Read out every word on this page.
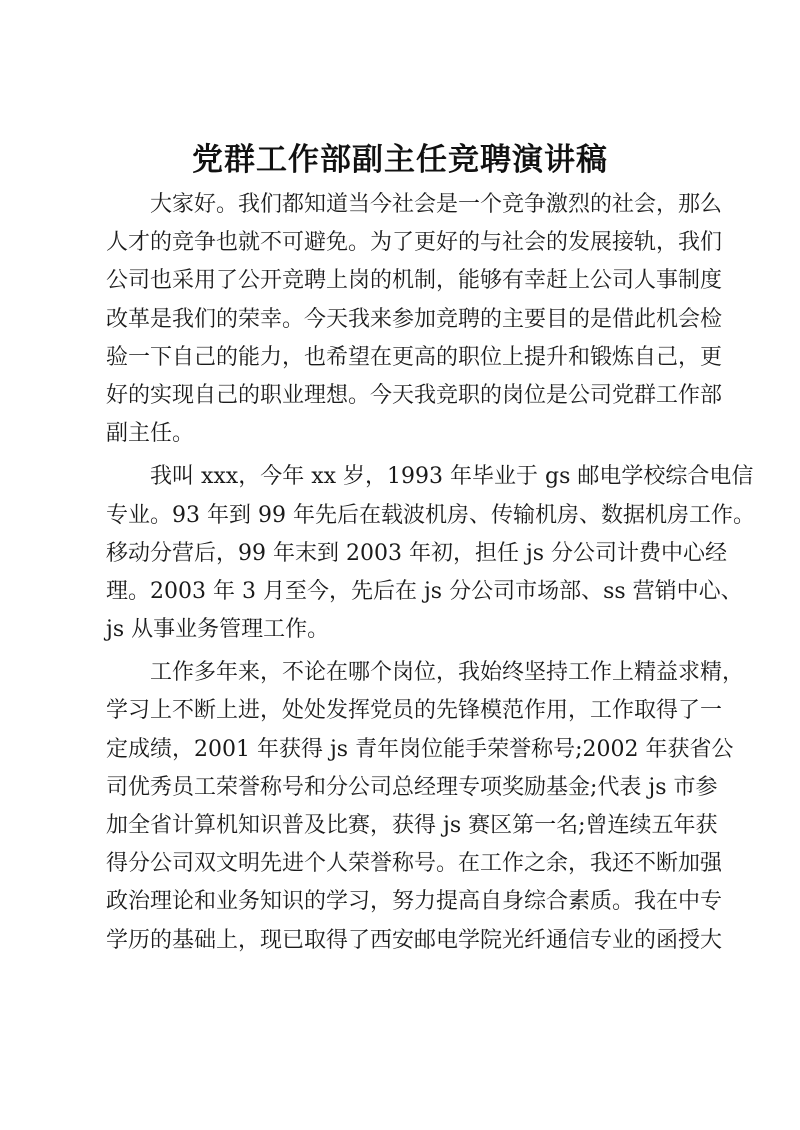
党群工作部副主任竞聘演讲稿
大家好。我们都知道当今社会是一个竞争激烈的社会，那么
人才的竞争也就不可避免。为了更好的与社会的发展接轨，我们
公司也采用了公开竞聘上岗的机制，能够有幸赶上公司人事制度
改革是我们的荣幸。今天我来参加竞聘的主要目的是借此机会检
验一下自己的能力，也希望在更高的职位上提升和锻炼自己，更
好的实现自己的职业理想。今天我竞职的岗位是公司党群工作部
副主任。
我叫 xxx，今年 xx 岁，1993 年毕业于 gs 邮电学校综合电信
专业。93 年到 99 年先后在载波机房、传输机房、数据机房工作。
移动分营后，99 年末到 2003 年初，担任 js 分公司计费中心经
理。2003 年 3 月至今，先后在 js 分公司市场部、ss 营销中心、
js 从事业务管理工作。
工作多年来，不论在哪个岗位，我始终坚持工作上精益求精，
学习上不断上进，处处发挥党员的先锋模范作用，工作取得了一
定成绩，2001 年获得 js 青年岗位能手荣誉称号;2002 年获省公
司优秀员工荣誉称号和分公司总经理专项奖励基金;代表 js 市参
加全省计算机知识普及比赛，获得 js 赛区第一名;曾连续五年获
得分公司双文明先进个人荣誉称号。在工作之余，我还不断加强
政治理论和业务知识的学习，努力提高自身综合素质。我在中专
学历的基础上，现已取得了西安邮电学院光纤通信专业的函授大
